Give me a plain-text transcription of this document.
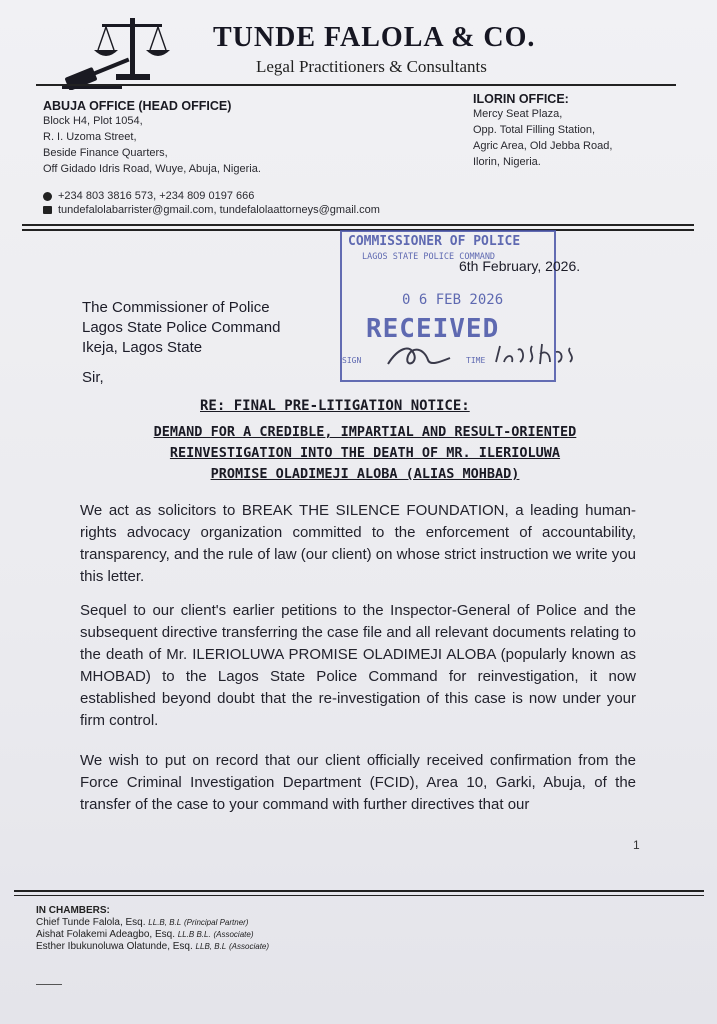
TUNDE FALOLA & CO.
Legal Practitioners & Consultants
ABUJA OFFICE (HEAD OFFICE)
Block H4, Plot 1054,
R. I. Uzoma Street,
Beside Finance Quarters,
Off Gidado Idris Road, Wuye, Abuja, Nigeria.
ILORIN OFFICE:
Mercy Seat Plaza,
Opp. Total Filling Station,
Agric Area, Old Jebba Road,
Ilorin, Nigeria.
+234 803 3816 573, +234 809 0197 666
tundefalolabarrister@gmail.com, tundefalolaattorneys@gmail.com
COMMISSIONER OF POLICE
LAGOS STATE POLICE COMMAND
0 6 FEB 2026
RECEIVED
SIGN	TIME
6th February, 2026.
The Commissioner of Police
Lagos State Police Command
Ikeja, Lagos State
Sir,
RE: FINAL PRE-LITIGATION NOTICE:
DEMAND FOR A CREDIBLE, IMPARTIAL AND RESULT-ORIENTED
REINVESTIGATION INTO THE DEATH OF MR. ILERIOLUWA
PROMISE OLADIMEJI ALOBA (ALIAS MOHBAD)
We act as solicitors to BREAK THE SILENCE FOUNDATION, a leading human-rights advocacy organization committed to the enforcement of accountability, transparency, and the rule of law (our client) on whose strict instruction we write you this letter.
Sequel to our client's earlier petitions to the Inspector-General of Police and the subsequent directive transferring the case file and all relevant documents relating to the death of Mr. ILERIOLUWA PROMISE OLADIMEJI ALOBA (popularly known as MHOBAD) to the Lagos State Police Command for reinvestigation, it now established beyond doubt that the re-investigation of this case is now under your firm control.
We wish to put on record that our client officially received confirmation from the Force Criminal Investigation Department (FCID), Area 10, Garki, Abuja, of the transfer of the case to your command with further directives that our
1
IN CHAMBERS:
Chief Tunde Falola, Esq. LL.B, B.L (Principal Partner)
Aishat Folakemi Adeagbo, Esq. LL.B B.L. (Associate)
Esther Ibukunoluwa Olatunde, Esq. LLB, B.L (Associate)
